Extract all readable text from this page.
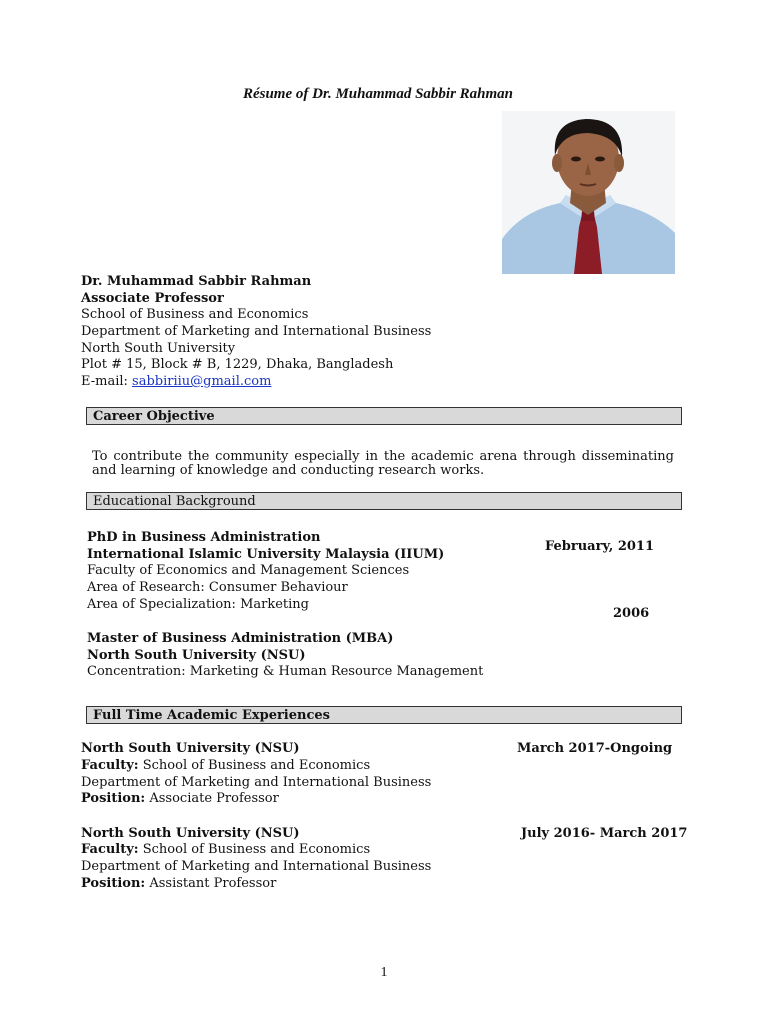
Résume of Dr. Muhammad Sabbir Rahman
Dr. Muhammad Sabbir Rahman
Associate Professor
School of Business and Economics
Department of Marketing and International Business
North South University
Plot # 15, Block # B, 1229, Dhaka, Bangladesh
E-mail: sabbiriiu@gmail.com
Career Objective
To contribute the community especially in the academic arena through disseminating and learning of knowledge and conducting research works.
Educational Background
PhD in Business Administration
International Islamic University Malaysia (IIUM)
Faculty of Economics and Management Sciences
Area of Research: Consumer Behaviour
Area of Specialization: Marketing
February, 2011
2006
Master of Business Administration (MBA)
North South University (NSU)
Concentration: Marketing & Human Resource Management
Full Time Academic Experiences
North South University (NSU)	March 2017-Ongoing
Faculty: School of Business and Economics
Department of Marketing and International Business
Position: Associate Professor
North South University (NSU)	July 2016- March 2017
Faculty: School of Business and Economics
Department of Marketing and International Business
Position: Assistant Professor
1
